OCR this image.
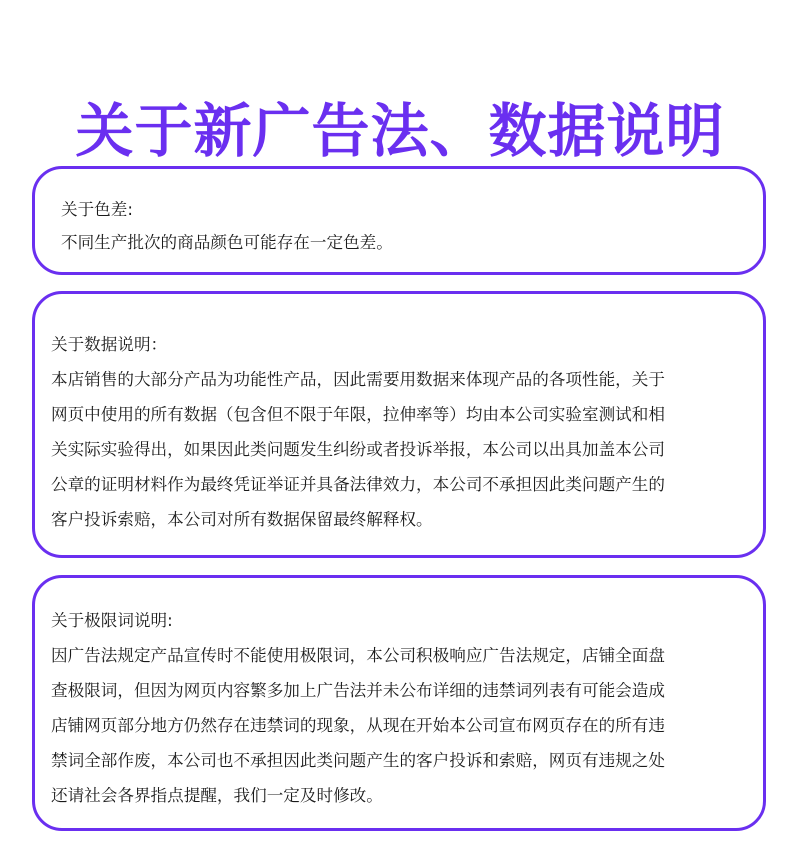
关于新广告法、数据说明

关于色差:

不同生产批次的商品颜色可能存在一定色差。

关于数据说明：

本店销售的大部分产品为功能性产品，因此需要用数据来体现产品的各项性能，关于
网页中使用的所有数据（包含但不限于年限，拉伸率等）均由本公司实验室测试和相
关实际实验得出，如果因此类问题发生纠纷或者投诉举报，本公司以出具加盖本公司
公章的证明材料作为最终凭证举证并具备法律效力，本公司不承担因此类问题产生的
客户投诉索赔，本公司对所有数据保留最终解释权。

关于极限词说明:

因广告法规定产品宣传时不能使用极限词，本公司积极响应广告法规定，店铺全面盘
查极限词，但因为网页内容繁多加上广告法并未公布详细的违禁词列表有可能会造成
店铺网页部分地方仍然存在违禁词的现象，从现在开始本公司宣布网页存在的所有违
禁词全部作废，本公司也不承担因此类问题产生的客户投诉和索赔，网页有违规之处
还请社会各界指点提醒，我们一定及时修改。
